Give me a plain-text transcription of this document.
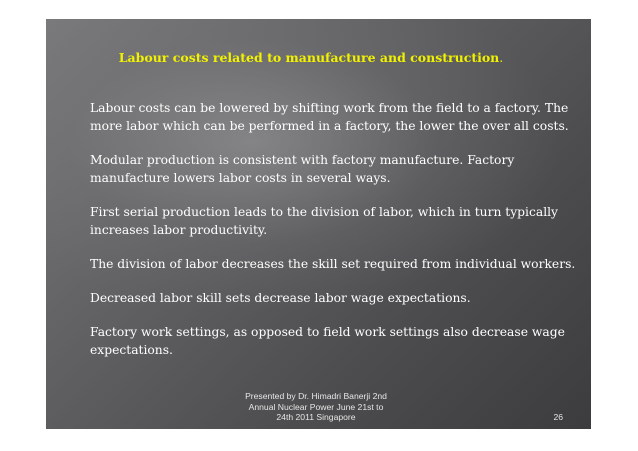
Labour costs related to manufacture and construction.

Labour costs can be lowered by shifting work from the field to a factory. The more labor which can be performed in a factory, the lower the over all costs.

Modular production is consistent with factory manufacture. Factory manufacture lowers labor costs in several ways.

First serial production leads to the division of labor, which in turn typically increases labor productivity.

The division of labor decreases the skill set required from individual workers.

Decreased labor skill sets decrease labor wage expectations.

Factory work settings, as opposed to field work settings also decrease wage expectations.

Presented by Dr. Himadri Banerji 2nd
Annual Nuclear Power June 21st to
24th 2011 Singapore	26
